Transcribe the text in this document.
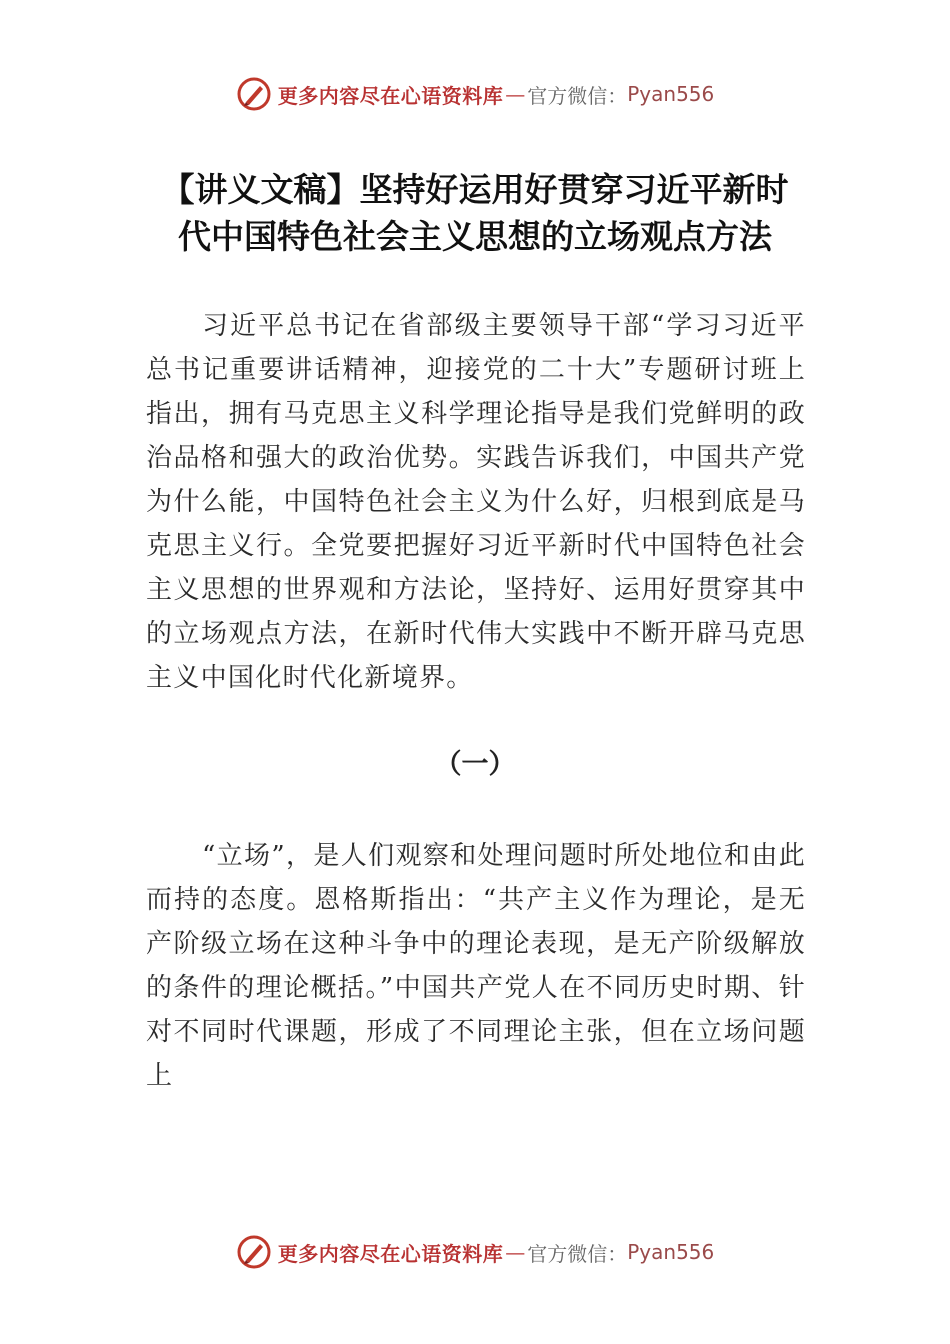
更多内容尽在心语资料库 — 官方微信： Pyan556
【讲义文稿】坚持好运用好贯穿习近平新时
代中国特色社会主义思想的立场观点方法

习近平总书记在省部级主要领导干部“学习习近平总书记重要讲话精神，迎接党的二十大”专题研讨班上指出，拥有马克思主义科学理论指导是我们党鲜明的政治品格和强大的政治优势。实践告诉我们，中国共产党为什么能，中国特色社会主义为什么好，归根到底是马克思主义行。全党要把握好习近平新时代中国特色社会主义思想的世界观和方法论，坚持好、运用好贯穿其中的立场观点方法，在新时代伟大实践中不断开辟马克思主义中国化时代化新境界。

（一）

“立场”，是人们观察和处理问题时所处地位和由此而持的态度。恩格斯指出：“共产主义作为理论，是无产阶级立场在这种斗争中的理论表现，是无产阶级解放的条件的理论概括。”中国共产党人在不同历史时期、针对不同时代课题，形成了不同理论主张，但在立场问题上

更多内容尽在心语资料库 — 官方微信： Pyan556
